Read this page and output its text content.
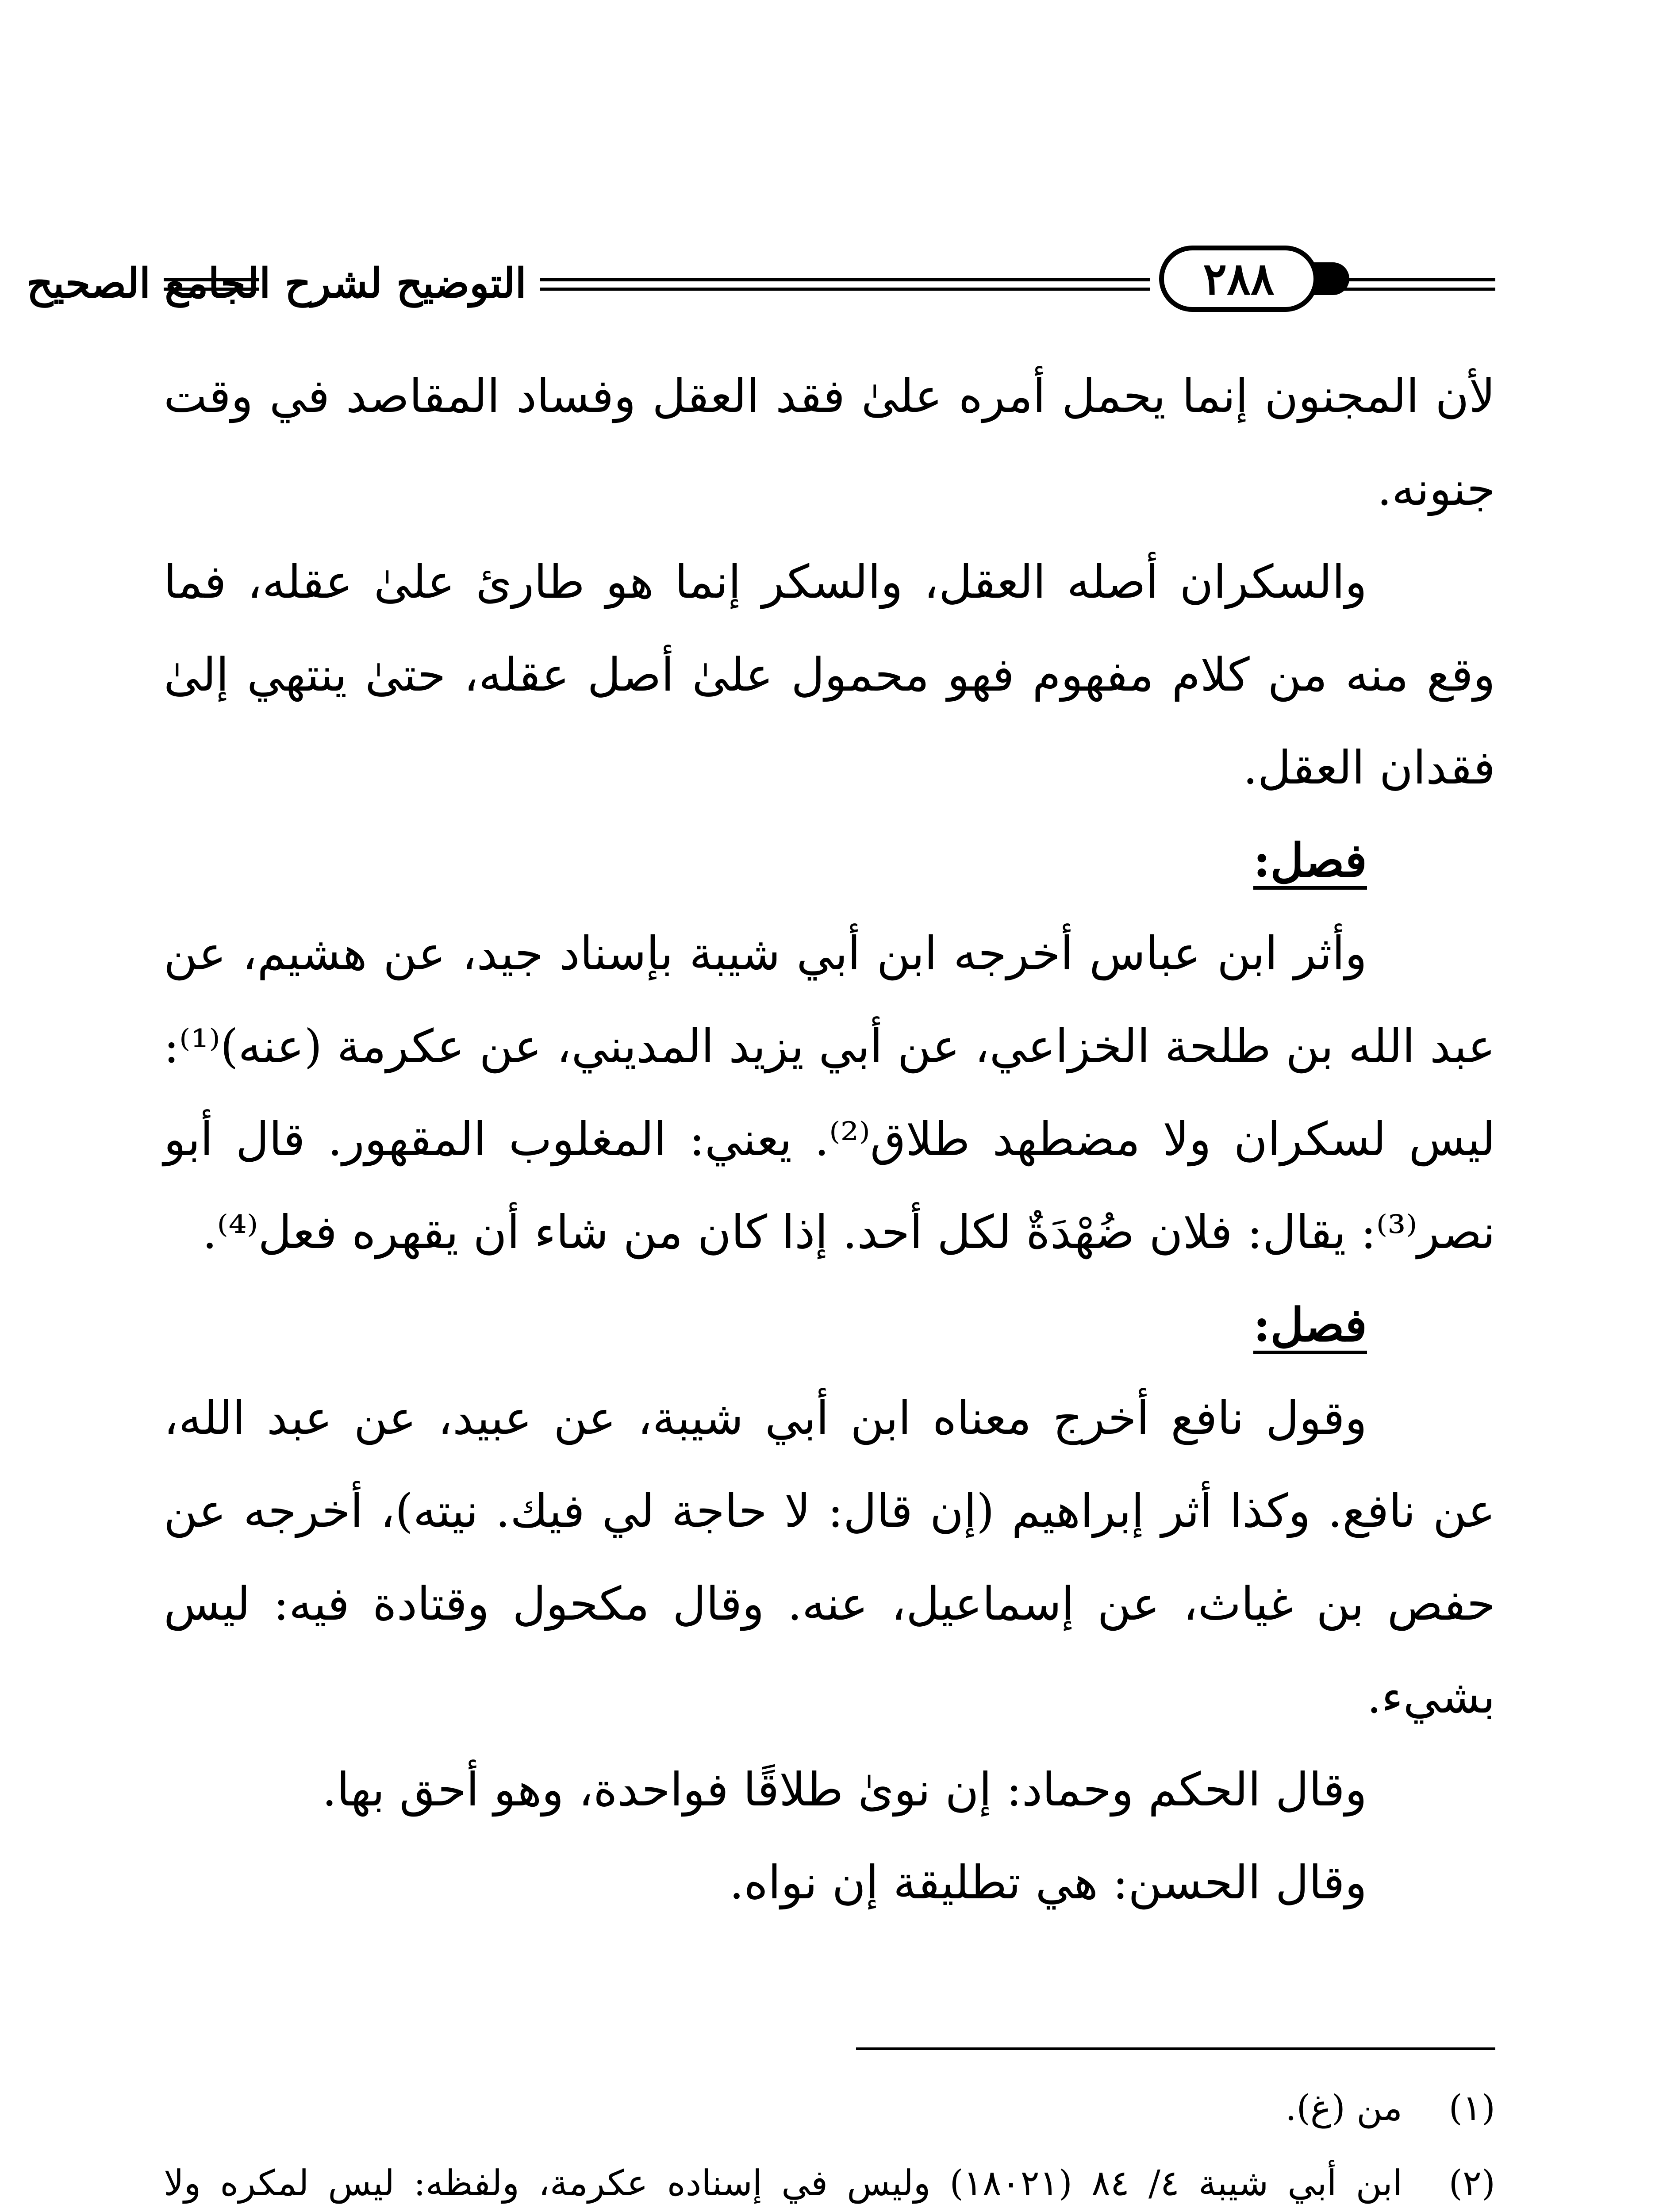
التوضيح لشرح الجامع الصحيح	٢٨٨

لأن المجنون إنما يحمل أمره علىٰ فقد العقل وفساد المقاصد في وقت جنونه.

والسكران أصله العقل، والسكر إنما هو طارئ علىٰ عقله، فما وقع منه من كلام مفهوم فهو محمول علىٰ أصل عقله، حتىٰ ينتهي إلىٰ فقدان العقل.

فصل:

وأثر ابن عباس أخرجه ابن أبي شيبة بإسناد جيد، عن هشيم، عن عبد الله بن طلحة الخزاعي، عن أبي يزيد المديني، عن عكرمة (عنه)⁽¹⁾: ليس لسكران ولا مضطهد طلاق⁽²⁾. يعني: المغلوب المقهور. قال أبو نصر⁽³⁾: يقال: فلان ضُهْدَةٌ لكل أحد. إذا كان من شاء أن يقهره فعل⁽⁴⁾.

فصل:

وقول نافع أخرج معناه ابن أبي شيبة، عن عبيد، عن عبد الله، عن نافع. وكذا أثر إبراهيم (إن قال: لا حاجة لي فيك. نيته)، أخرجه عن حفص بن غياث، عن إسماعيل، عنه. وقال مكحول وقتادة فيه: ليس بشيء.

وقال الحكم وحماد: إن نوىٰ طلاقًا فواحدة، وهو أحق بها.

وقال الحسن: هي تطليقة إن نواه.

(١)
من (غ).
(٢)
ابن أبي شيبة ٤/ ٨٤ (١٨٠٢١) وليس في إسناده عكرمة، ولفظه: ليس لمكره ولا
